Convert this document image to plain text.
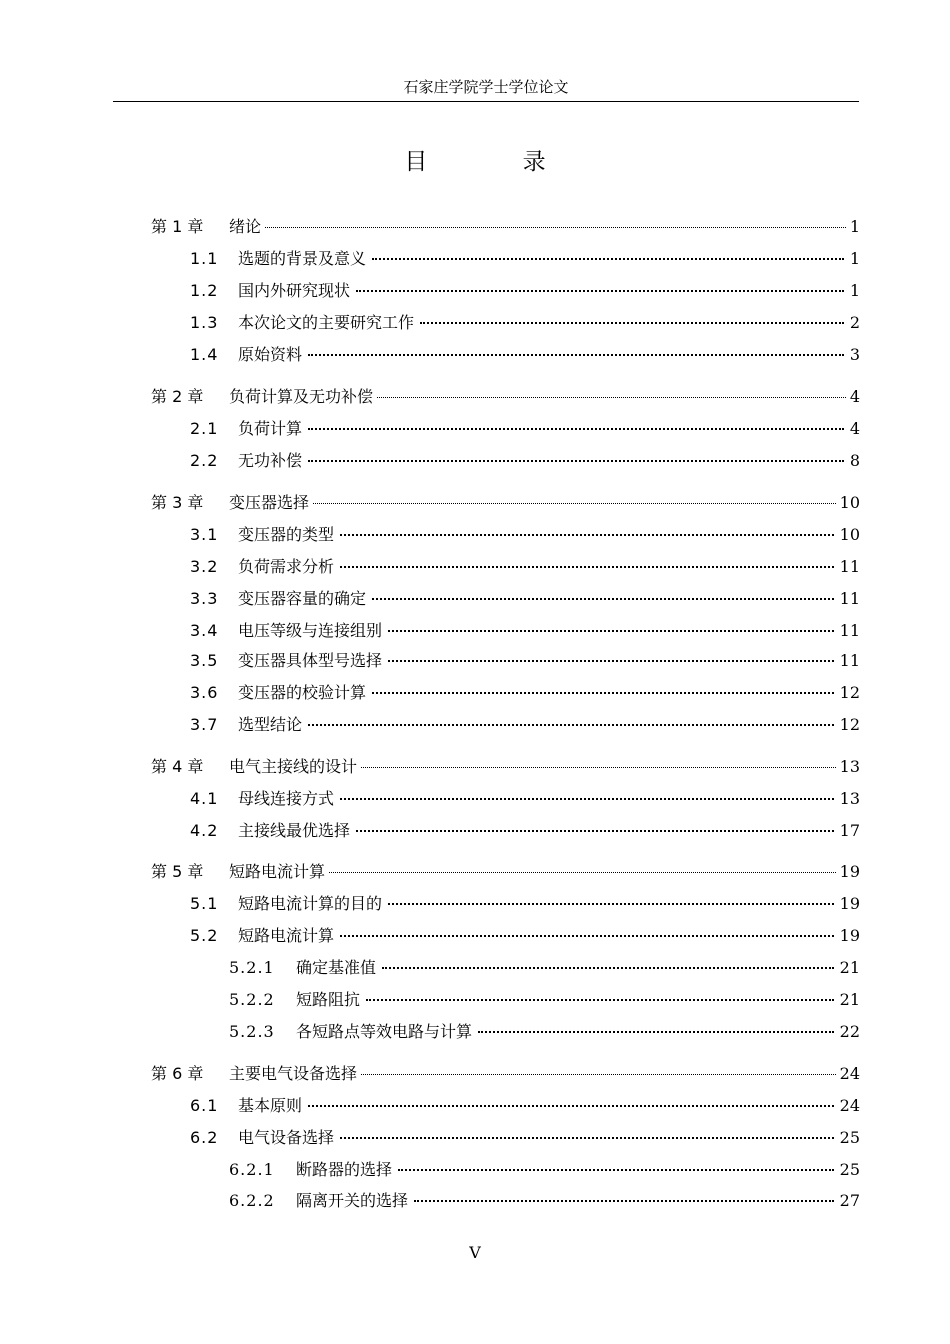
石家庄学院学士学位论文
目 录
第 1 章	绪论	1
1.1	选题的背景及意义	1
1.2	国内外研究现状	1
1.3	本次论文的主要研究工作	2
1.4	原始资料	3
第 2 章	负荷计算及无功补偿	4
2.1	负荷计算	4
2.2	无功补偿	8
第 3 章	变压器选择	10
3.1	变压器的类型	10
3.2	负荷需求分析	11
3.3	变压器容量的确定	11
3.4	电压等级与连接组别	11
3.5	变压器具体型号选择	11
3.6	变压器的校验计算	12
3.7	选型结论	12
第 4 章	电气主接线的设计	13
4.1	母线连接方式	13
4.2	主接线最优选择	17
第 5 章	短路电流计算	19
5.1	短路电流计算的目的	19
5.2	短路电流计算	19
5.2.1	确定基准值	21
5.2.2	短路阻抗	21
5.2.3	各短路点等效电路与计算	22
第 6 章	主要电气设备选择	24
6.1	基本原则	24
6.2	电气设备选择	25
6.2.1	断路器的选择	25
6.2.2	隔离开关的选择	27
V
